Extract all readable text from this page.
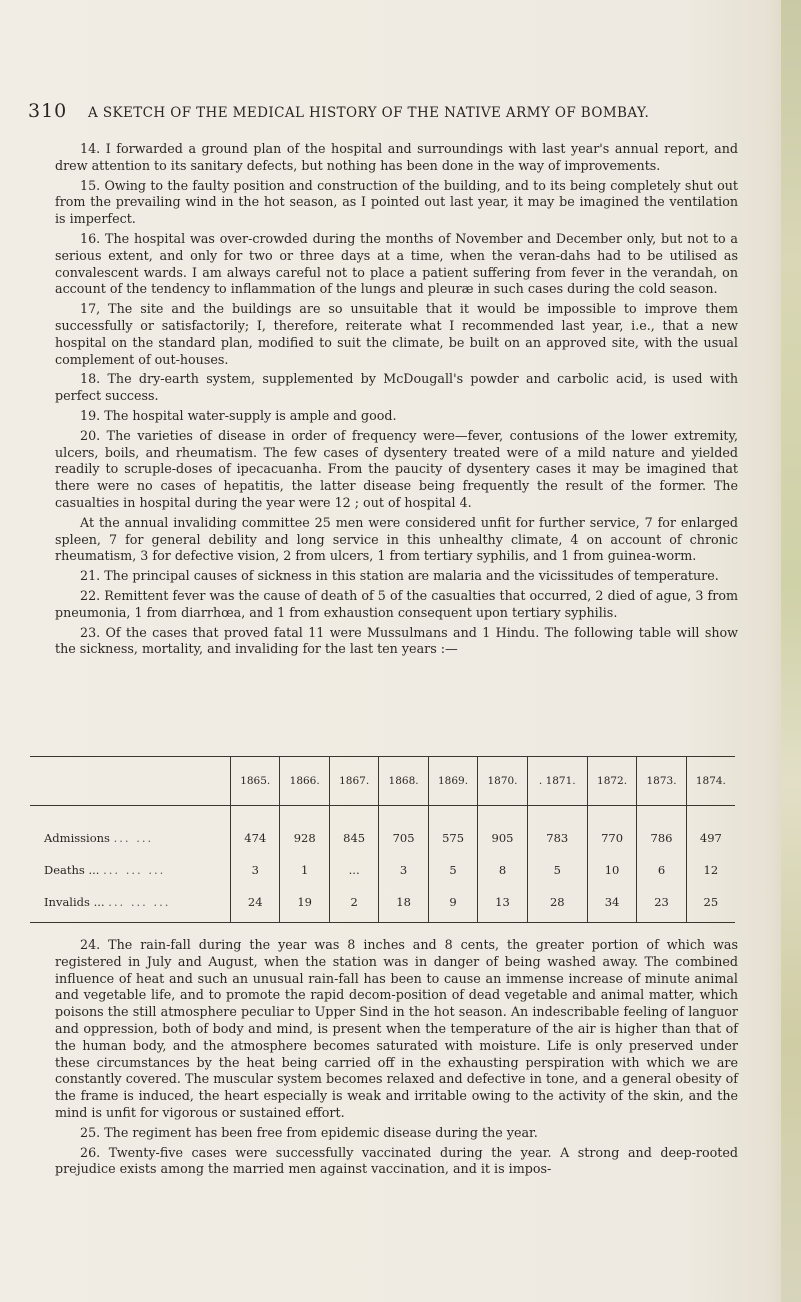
310 A SKETCH OF THE MEDICAL HISTORY OF THE NATIVE ARMY OF BOMBAY.

14. I forwarded a ground plan of the hospital and surroundings with last year's annual report, and drew attention to its sanitary defects, but nothing has been done in the way of improvements.

15. Owing to the faulty position and construction of the building, and to its being completely shut out from the prevailing wind in the hot season, as I pointed out last year, it may be imagined the ventilation is imperfect.

16. The hospital was over-crowded during the months of November and December only, but not to a serious extent, and only for two or three days at a time, when the veran-dahs had to be utilised as convalescent wards. I am always careful not to place a patient suffering from fever in the verandah, on account of the tendency to inflammation of the lungs and pleuræ in such cases during the cold season.

17, The site and the buildings are so unsuitable that it would be impossible to improve them successfully or satisfactorily; I, therefore, reiterate what I recommended last year, i.e., that a new hospital on the standard plan, modified to suit the climate, be built on an approved site, with the usual complement of out-houses.

18. The dry-earth system, supplemented by McDougall's powder and carbolic acid, is used with perfect success.

19. The hospital water-supply is ample and good.

20. The varieties of disease in order of frequency were—fever, contusions of the lower extremity, ulcers, boils, and rheumatism. The few cases of dysentery treated were of a mild nature and yielded readily to scruple-doses of ipecacuanha. From the paucity of dysentery cases it may be imagined that there were no cases of hepatitis, the latter disease being frequently the result of the former. The casualties in hospital during the year were 12 ; out of hospital 4.

At the annual invaliding committee 25 men were considered unfit for further service, 7 for enlarged spleen, 7 for general debility and long service in this unhealthy climate, 4 on account of chronic rheumatism, 3 for defective vision, 2 from ulcers, 1 from tertiary syphilis, and 1 from guinea-worm.

21. The principal causes of sickness in this station are malaria and the vicissitudes of temperature.

22. Remittent fever was the cause of death of 5 of the casualties that occurred, 2 died of ague, 3 from pneumonia, 1 from diarrhœa, and 1 from exhaustion consequent upon tertiary syphilis.

23. Of the cases that proved fatal 11 were Mussulmans and 1 Hindu. The following table will show the sickness, mortality, and invaliding for the last ten years :—

	1865.	1866.	1867.	1868.	1869.	1870.	. 1871.	1872.	1873.	1874.
Admissions ... ...	474	928	845	705	575	905	783	770	786	497
Deaths ... ... ... ...	3	1	...	3	5	8	5	10	6	12
Invalids ... ... ... ...	24	19	2	18	9	13	28	34	23	25

24. The rain-fall during the year was 8 inches and 8 cents, the greater portion of which was registered in July and August, when the station was in danger of being washed away. The combined influence of heat and such an unusual rain-fall has been to cause an immense increase of minute animal and vegetable life, and to promote the rapid decom-position of dead vegetable and animal matter, which poisons the still atmosphere peculiar to Upper Sind in the hot season. An indescribable feeling of languor and oppression, both of body and mind, is present when the temperature of the air is higher than that of the human body, and the atmosphere becomes saturated with moisture. Life is only preserved under these circumstances by the heat being carried off in the exhausting perspiration with which we are constantly covered. The muscular system becomes relaxed and defective in tone, and a general obesity of the frame is induced, the heart especially is weak and irritable owing to the activity of the skin, and the mind is unfit for vigorous or sustained effort.

25. The regiment has been free from epidemic disease during the year.

26. Twenty-five cases were successfully vaccinated during the year. A strong and deep-rooted prejudice exists among the married men against vaccination, and it is impos-
